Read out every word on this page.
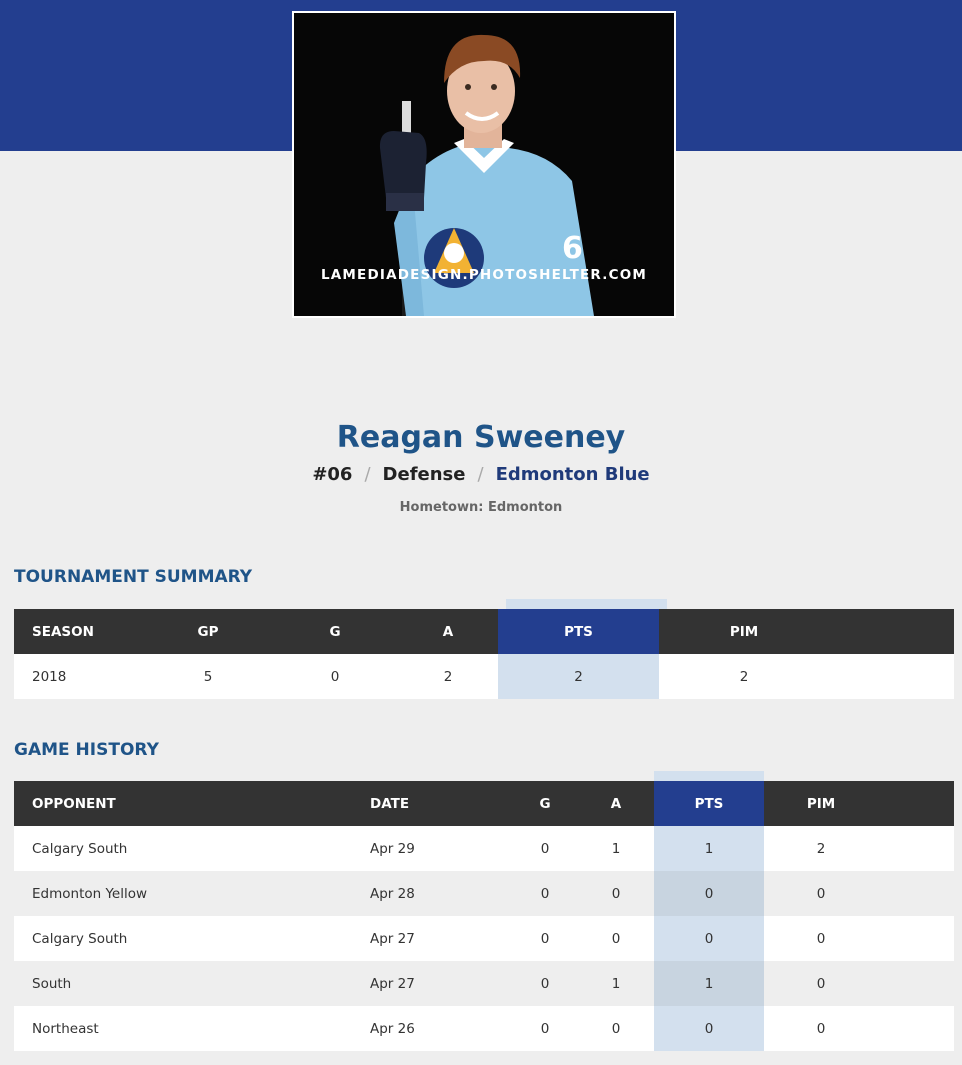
6
LAMEDIADESIGN.PHOTOSHELTER.COM
Reagan Sweeney
#06 / Defense / Edmonton Blue
Hometown: Edmonton
TOURNAMENT SUMMARY
SEASON	GP	G	A	PTS	PIM	
2018	5	0	2	2	2	
GAME HISTORY
OPPONENT	DATE	G	A	PTS	PIM	
Calgary South	Apr 29	0	1	1	2	
Edmonton Yellow	Apr 28	0	0	0	0	
Calgary South	Apr 27	0	0	0	0	
South	Apr 27	0	1	1	0	
Northeast	Apr 26	0	0	0	0	
